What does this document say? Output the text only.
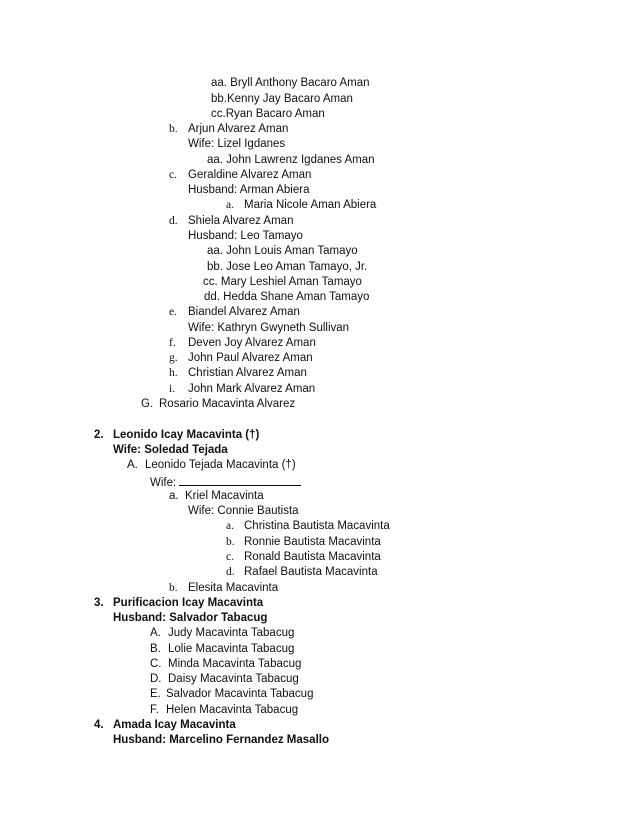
aa. Bryll Anthony Bacaro Aman
bb.Kenny Jay Bacaro Aman
cc.Ryan Bacaro Aman
b. Arjun Alvarez Aman
Wife: Lizel Igdanes
aa. John Lawrenz Igdanes Aman
c. Geraldine Alvarez Aman
Husband: Arman Abiera
a. Maria Nicole Aman Abiera
d. Shiela Alvarez Aman
Husband: Leo Tamayo
aa. John Louis Aman Tamayo
bb. Jose Leo Aman Tamayo, Jr.
cc. Mary Leshiel Aman Tamayo
dd. Hedda Shane Aman Tamayo
e. Biandel Alvarez Aman
Wife: Kathryn Gwyneth Sullivan
f. Deven Joy Alvarez Aman
g. John Paul Alvarez Aman
h. Christian Alvarez Aman
i. John Mark Alvarez Aman
G. Rosario Macavinta Alvarez
2. Leonido Icay Macavinta (†)
Wife: Soledad Tejada
A. Leonido Tejada Macavinta (†)
Wife:
a. Kriel Macavinta
Wife: Connie Bautista
a. Christina Bautista Macavinta
b. Ronnie Bautista Macavinta
c. Ronald Bautista Macavinta
d. Rafael Bautista Macavinta
b. Elesita Macavinta
3. Purificacion Icay Macavinta
Husband: Salvador Tabacug
A. Judy Macavinta Tabacug
B. Lolie Macavinta Tabacug
C. Minda Macavinta Tabacug
D. Daisy Macavinta Tabacug
E. Salvador Macavinta Tabacug
F. Helen Macavinta Tabacug
4. Amada Icay Macavinta
Husband: Marcelino Fernandez Masallo
